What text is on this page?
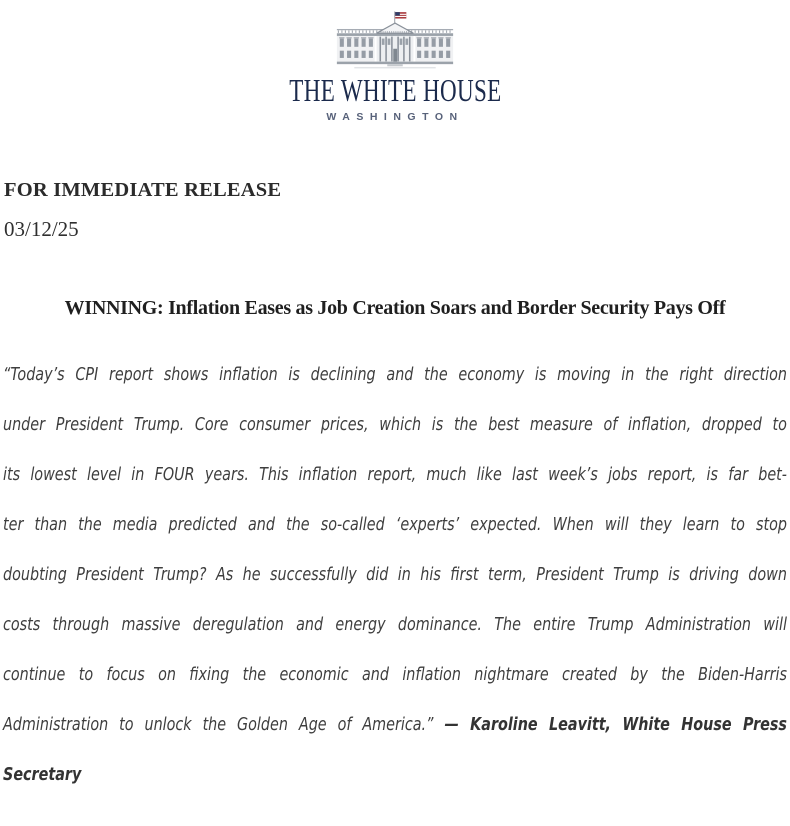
THE WHITE HOUSE
WASHINGTON
FOR IMMEDIATE RELEASE
03/12/25
WINNING: Inflation Eases as Job Creation Soars and Border Security Pays Off
“Today’s CPI report shows inflation is declining and the economy is moving in the right direction
under President Trump. Core consumer prices, which is the best measure of inflation, dropped to
its lowest level in FOUR years. This inflation report, much like last week’s jobs report, is far bet-
ter than the media predicted and the so-called ‘experts’ expected. When will they learn to stop
doubting President Trump? As he successfully did in his first term, President Trump is driving down
costs through massive deregulation and energy dominance. The entire Trump Administration will
continue to focus on fixing the economic and inflation nightmare created by the Biden-Harris
Administration to unlock the Golden Age of America.” — Karoline Leavitt, White House Press
Secretary
